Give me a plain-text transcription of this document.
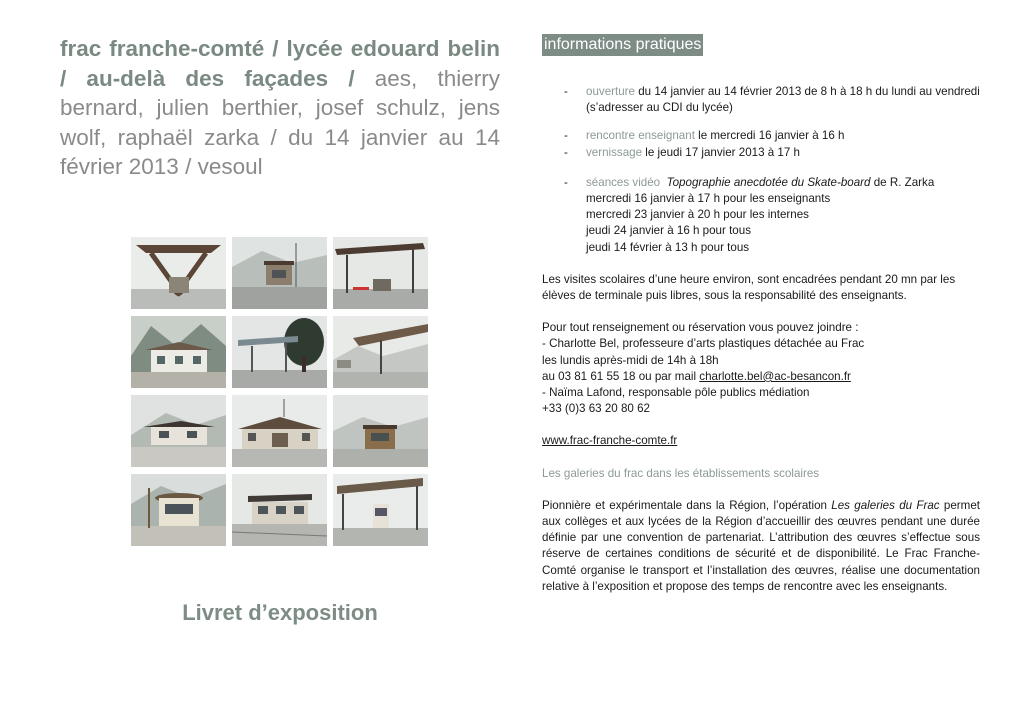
frac franche-comté / lycée edouard belin / au-delà des façades / aes, thierry bernard, julien berthier, josef schulz, jens wolf, raphaël zarka / du 14 janvier au 14 février 2013 / vesoul

Livret d’exposition

informations pratiques

- ouverture du 14 janvier au 14 février 2013 de 8 h à 18 h du lundi au vendredi (s’adresser au CDI du lycée)
- rencontre enseignant le mercredi 16 janvier à 16 h
- vernissage le jeudi 17 janvier 2013 à 17 h
- séances vidéo Topographie anecdotée du Skate-board de R. Zarka
mercredi 16 janvier à 17 h pour les enseignants
mercredi 23 janvier à 20 h pour les internes
jeudi 24 janvier à 16 h pour tous
jeudi 14 février à 13 h pour tous

Les visites scolaires d’une heure environ, sont encadrées pendant 20 mn par les élèves de terminale puis libres, sous la responsabilité des enseignants.

Pour tout renseignement ou réservation vous pouvez joindre :
- Charlotte Bel, professeure d’arts plastiques détachée au Frac
les lundis après-midi de 14h à 18h
au 03 81 61 55 18 ou par mail charlotte.bel@ac-besancon.fr
- Naïma Lafond, responsable pôle publics médiation
+33 (0)3 63 20 80 62

www.frac-franche-comte.fr

Les galeries du frac dans les établissements scolaires

Pionnière et expérimentale dans la Région, l’opération Les galeries du Frac permet aux collèges et aux lycées de la Région d’accueillir des œuvres pendant une durée définie par une convention de partenariat. L’attribution des œuvres s’effectue sous réserve de certaines conditions de sécurité et de disponibilité. Le Frac Franche-Comté organise le transport et l’installation des œuvres, réalise une documentation relative à l’exposition et propose des temps de rencontre avec les enseignants.
